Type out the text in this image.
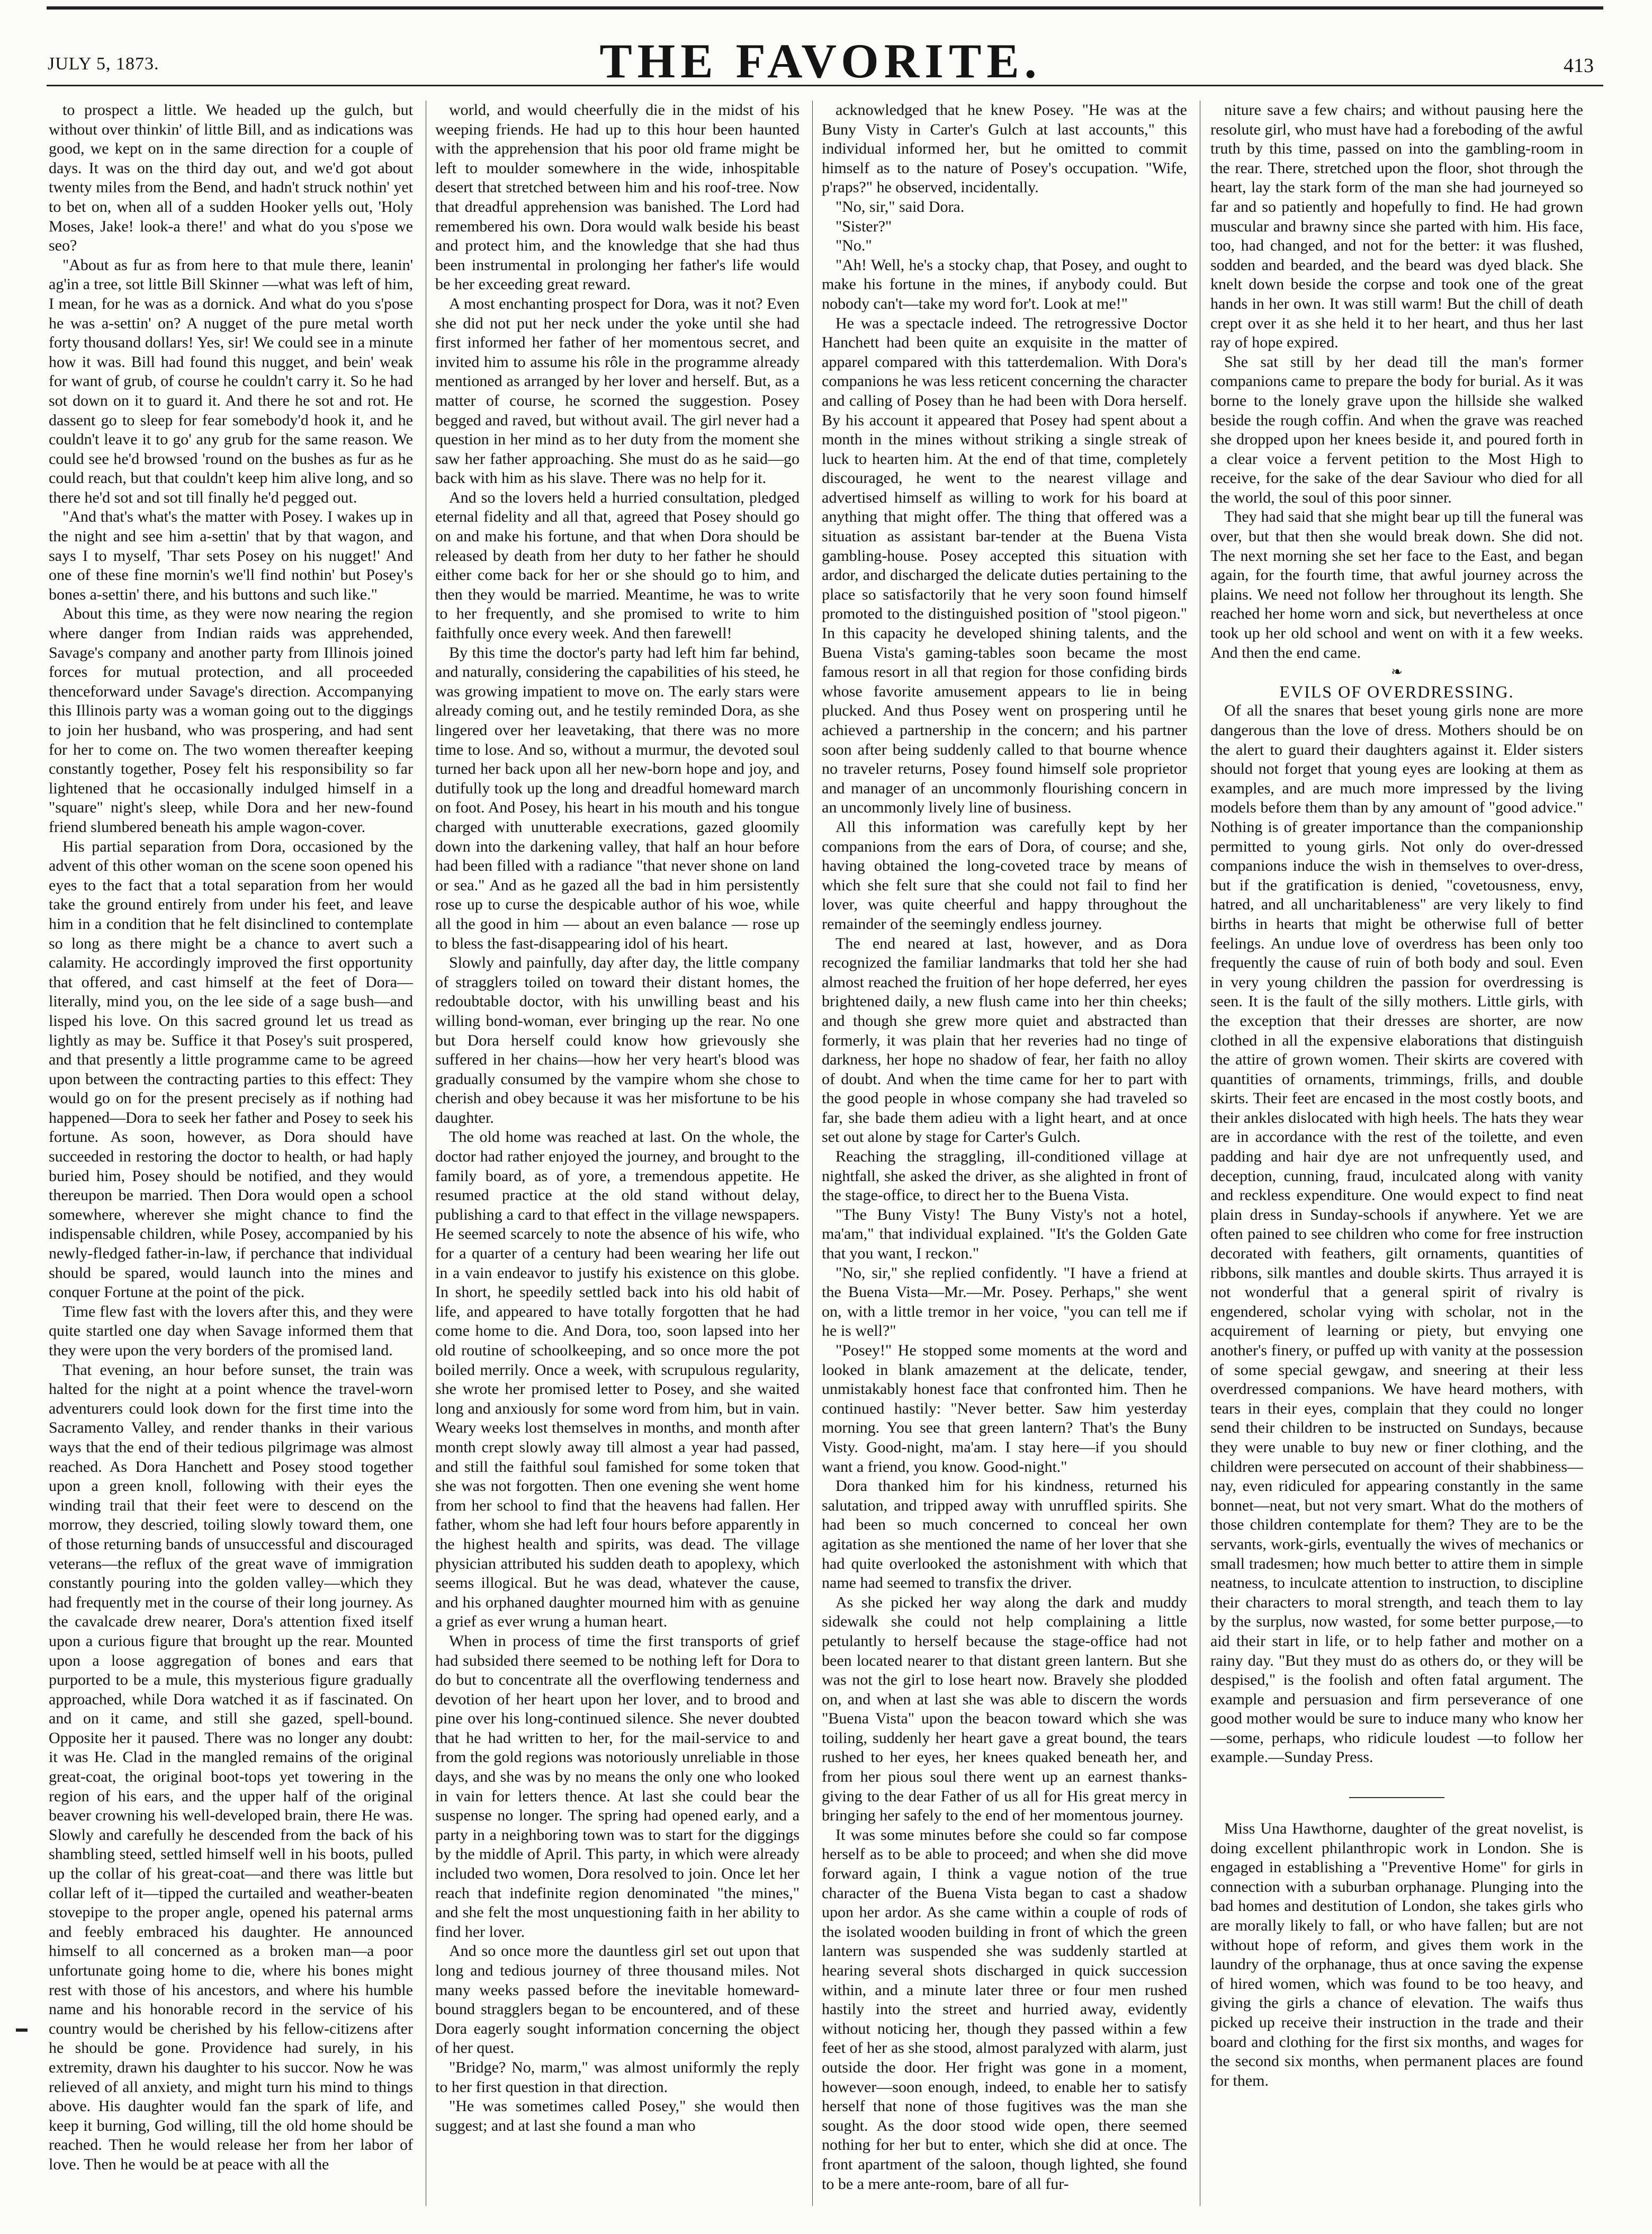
JULY 5, 1873.	THE FAVORITE.	413

to prospect a little. We headed up the gulch, but without over thinkin' of little Bill, and as indications was good, we kept on in the same direction for a couple of days. It was on the third day out, and we'd got about twenty miles from the Bend, and hadn't struck nothin' yet to bet on, when all of a sudden Hooker yells out, 'Holy Moses, Jake! look-a there!' and what do you s'pose we seo?

"About as fur as from here to that mule there, leanin' ag'in a tree, sot little Bill Skinner —what was left of him, I mean, for he was as a dornick. And what do you s'pose he was a-settin' on? A nugget of the pure metal worth forty thousand dollars! Yes, sir! We could see in a minute how it was. Bill had found this nugget, and bein' weak for want of grub, of course he couldn't carry it. So he had sot down on it to guard it. And there he sot and rot. He dassent go to sleep for fear somebody'd hook it, and he couldn't leave it to go' any grub for the same reason. We could see he'd browsed 'round on the bushes as fur as he could reach, but that couldn't keep him alive long, and so there he'd sot and sot till finally he'd pegged out.

"And that's what's the matter with Posey. I wakes up in the night and see him a-settin' that by that wagon, and says I to myself, 'Thar sets Posey on his nugget!' And one of these fine mornin's we'll find nothin' but Posey's bones a-settin' there, and his buttons and such like."

About this time, as they were now nearing the region where danger from Indian raids was apprehended, Savage's company and another party from Illinois joined forces for mutual protection, and all proceeded thenceforward under Savage's direction. Accompanying this Illinois party was a woman going out to the diggings to join her husband, who was prospering, and had sent for her to come on. The two women thereafter keeping constantly together, Posey felt his responsibility so far lightened that he occasionally indulged himself in a "square" night's sleep, while Dora and her new-found friend slumbered beneath his ample wagon-cover.

His partial separation from Dora, occasioned by the advent of this other woman on the scene soon opened his eyes to the fact that a total separation from her would take the ground entirely from under his feet, and leave him in a condition that he felt disinclined to contemplate so long as there might be a chance to avert such a calamity. He accordingly improved the first opportunity that offered, and cast himself at the feet of Dora—literally, mind you, on the lee side of a sage bush—and lisped his love. On this sacred ground let us tread as lightly as may be. Suffice it that Posey's suit prospered, and that presently a little programme came to be agreed upon between the contracting parties to this effect: They would go on for the present precisely as if nothing had happened—Dora to seek her father and Posey to seek his fortune. As soon, however, as Dora should have succeeded in restoring the doctor to health, or had haply buried him, Posey should be notified, and they would thereupon be married. Then Dora would open a school somewhere, wherever she might chance to find the indispensable children, while Posey, accompanied by his newly-fledged father-in-law, if perchance that individual should be spared, would launch into the mines and conquer Fortune at the point of the pick.

Time flew fast with the lovers after this, and they were quite startled one day when Savage informed them that they were upon the very borders of the promised land.

That evening, an hour before sunset, the train was halted for the night at a point whence the travel-worn adventurers could look down for the first time into the Sacramento Valley, and render thanks in their various ways that the end of their tedious pilgrimage was almost reached. As Dora Hanchett and Posey stood together upon a green knoll, following with their eyes the winding trail that their feet were to descend on the morrow, they descried, toiling slowly toward them, one of those returning bands of unsuccessful and discouraged veterans—the reflux of the great wave of immigration constantly pouring into the golden valley—which they had frequently met in the course of their long journey. As the cavalcade drew nearer, Dora's attention fixed itself upon a curious figure that brought up the rear. Mounted upon a loose aggregation of bones and ears that purported to be a mule, this mysterious figure gradually approached, while Dora watched it as if fascinated. On and on it came, and still she gazed, spell-bound. Opposite her it paused. There was no longer any doubt: it was He. Clad in the mangled remains of the original great-coat, the original boot-tops yet towering in the region of his ears, and the upper half of the original beaver crowning his well-developed brain, there He was. Slowly and carefully he descended from the back of his shambling steed, settled himself well in his boots, pulled up the collar of his great-coat—and there was little but collar left of it—tipped the curtailed and weather-beaten stovepipe to the proper angle, opened his paternal arms and feebly embraced his daughter. He announced himself to all concerned as a broken man—a poor unfortunate going home to die, where his bones might rest with those of his ancestors, and where his humble name and his honorable record in the service of his country would be cherished by his fellow-citizens after he should be gone. Providence had surely, in his extremity, drawn his daughter to his succor. Now he was relieved of all anxiety, and might turn his mind to things above. His daughter would fan the spark of life, and keep it burning, God willing, till the old home should be reached. Then he would release her from her labor of love. Then he would be at peace with all the

world, and would cheerfully die in the midst of his weeping friends. He had up to this hour been haunted with the apprehension that his poor old frame might be left to moulder somewhere in the wide, inhospitable desert that stretched between him and his roof-tree. Now that dreadful apprehension was banished. The Lord had remembered his own. Dora would walk beside his beast and protect him, and the knowledge that she had thus been instrumental in prolonging her father's life would be her exceeding great reward.

A most enchanting prospect for Dora, was it not? Even she did not put her neck under the yoke until she had first informed her father of her momentous secret, and invited him to assume his rôle in the programme already mentioned as arranged by her lover and herself. But, as a matter of course, he scorned the suggestion. Posey begged and raved, but without avail. The girl never had a question in her mind as to her duty from the moment she saw her father approaching. She must do as he said—go back with him as his slave. There was no help for it.

And so the lovers held a hurried consultation, pledged eternal fidelity and all that, agreed that Posey should go on and make his fortune, and that when Dora should be released by death from her duty to her father he should either come back for her or she should go to him, and then they would be married. Meantime, he was to write to her frequently, and she promised to write to him faithfully once every week. And then farewell!

By this time the doctor's party had left him far behind, and naturally, considering the capabilities of his steed, he was growing impatient to move on. The early stars were already coming out, and he testily reminded Dora, as she lingered over her leavetaking, that there was no more time to lose. And so, without a murmur, the devoted soul turned her back upon all her new-born hope and joy, and dutifully took up the long and dreadful homeward march on foot. And Posey, his heart in his mouth and his tongue charged with unutterable execrations, gazed gloomily down into the darkening valley, that half an hour before had been filled with a radiance "that never shone on land or sea." And as he gazed all the bad in him persistently rose up to curse the despicable author of his woe, while all the good in him — about an even balance — rose up to bless the fast-disappearing idol of his heart.

Slowly and painfully, day after day, the little company of stragglers toiled on toward their distant homes, the redoubtable doctor, with his unwilling beast and his willing bond-woman, ever bringing up the rear. No one but Dora herself could know how grievously she suffered in her chains—how her very heart's blood was gradually consumed by the vampire whom she chose to cherish and obey because it was her misfortune to be his daughter.

The old home was reached at last. On the whole, the doctor had rather enjoyed the journey, and brought to the family board, as of yore, a tremendous appetite. He resumed practice at the old stand without delay, publishing a card to that effect in the village newspapers. He seemed scarcely to note the absence of his wife, who for a quarter of a century had been wearing her life out in a vain endeavor to justify his existence on this globe. In short, he speedily settled back into his old habit of life, and appeared to have totally forgotten that he had come home to die. And Dora, too, soon lapsed into her old routine of schoolkeeping, and so once more the pot boiled merrily. Once a week, with scrupulous regularity, she wrote her promised letter to Posey, and she waited long and anxiously for some word from him, but in vain. Weary weeks lost themselves in months, and month after month crept slowly away till almost a year had passed, and still the faithful soul famished for some token that she was not forgotten. Then one evening she went home from her school to find that the heavens had fallen. Her father, whom she had left four hours before apparently in the highest health and spirits, was dead. The village physician attributed his sudden death to apoplexy, which seems illogical. But he was dead, whatever the cause, and his orphaned daughter mourned him with as genuine a grief as ever wrung a human heart.

When in process of time the first transports of grief had subsided there seemed to be nothing left for Dora to do but to concentrate all the overflowing tenderness and devotion of her heart upon her lover, and to brood and pine over his long-continued silence. She never doubted that he had written to her, for the mail-service to and from the gold regions was notoriously unreliable in those days, and she was by no means the only one who looked in vain for letters thence. At last she could bear the suspense no longer. The spring had opened early, and a party in a neighboring town was to start for the diggings by the middle of April. This party, in which were already included two women, Dora resolved to join. Once let her reach that indefinite region denominated "the mines," and she felt the most unquestioning faith in her ability to find her lover.

And so once more the dauntless girl set out upon that long and tedious journey of three thousand miles. Not many weeks passed before the inevitable homeward-bound stragglers began to be encountered, and of these Dora eagerly sought information concerning the object of her quest.

"Bridge? No, marm," was almost uniformly the reply to her first question in that direction.

"He was sometimes called Posey," she would then suggest; and at last she found a man who

acknowledged that he knew Posey. "He was at the Buny Visty in Carter's Gulch at last accounts," this individual informed her, but he omitted to commit himself as to the nature of Posey's occupation. "Wife, p'raps?" he observed, incidentally.

"No, sir," said Dora.

"Sister?"

"No."

"Ah! Well, he's a stocky chap, that Posey, and ought to make his fortune in the mines, if anybody could. But nobody can't—take my word for't. Look at me!"

He was a spectacle indeed. The retrogressive Doctor Hanchett had been quite an exquisite in the matter of apparel compared with this tatterdemalion. With Dora's companions he was less reticent concerning the character and calling of Posey than he had been with Dora herself. By his account it appeared that Posey had spent about a month in the mines without striking a single streak of luck to hearten him. At the end of that time, completely discouraged, he went to the nearest village and advertised himself as willing to work for his board at anything that might offer. The thing that offered was a situation as assistant bar-tender at the Buena Vista gambling-house. Posey accepted this situation with ardor, and discharged the delicate duties pertaining to the place so satisfactorily that he very soon found himself promoted to the distinguished position of "stool pigeon." In this capacity he developed shining talents, and the Buena Vista's gaming-tables soon became the most famous resort in all that region for those confiding birds whose favorite amusement appears to lie in being plucked. And thus Posey went on prospering until he achieved a partnership in the concern; and his partner soon after being suddenly called to that bourne whence no traveler returns, Posey found himself sole proprietor and manager of an uncommonly flourishing concern in an uncommonly lively line of business.

All this information was carefully kept by her companions from the ears of Dora, of course; and she, having obtained the long-coveted trace by means of which she felt sure that she could not fail to find her lover, was quite cheerful and happy throughout the remainder of the seemingly endless journey.

The end neared at last, however, and as Dora recognized the familiar landmarks that told her she had almost reached the fruition of her hope deferred, her eyes brightened daily, a new flush came into her thin cheeks; and though she grew more quiet and abstracted than formerly, it was plain that her reveries had no tinge of darkness, her hope no shadow of fear, her faith no alloy of doubt. And when the time came for her to part with the good people in whose company she had traveled so far, she bade them adieu with a light heart, and at once set out alone by stage for Carter's Gulch.

Reaching the straggling, ill-conditioned village at nightfall, she asked the driver, as she alighted in front of the stage-office, to direct her to the Buena Vista.

"The Buny Visty! The Buny Visty's not a hotel, ma'am," that individual explained. "It's the Golden Gate that you want, I reckon."

"No, sir," she replied confidently. "I have a friend at the Buena Vista—Mr.—Mr. Posey. Perhaps," she went on, with a little tremor in her voice, "you can tell me if he is well?"

"Posey!" He stopped some moments at the word and looked in blank amazement at the delicate, tender, unmistakably honest face that confronted him. Then he continued hastily: "Never better. Saw him yesterday morning. You see that green lantern? That's the Buny Visty. Good-night, ma'am. I stay here—if you should want a friend, you know. Good-night."

Dora thanked him for his kindness, returned his salutation, and tripped away with unruffled spirits. She had been so much concerned to conceal her own agitation as she mentioned the name of her lover that she had quite overlooked the astonishment with which that name had seemed to transfix the driver.

As she picked her way along the dark and muddy sidewalk she could not help complaining a little petulantly to herself because the stage-office had not been located nearer to that distant green lantern. But she was not the girl to lose heart now. Bravely she plodded on, and when at last she was able to discern the words "Buena Vista" upon the beacon toward which she was toiling, suddenly her heart gave a great bound, the tears rushed to her eyes, her knees quaked beneath her, and from her pious soul there went up an earnest thanks-giving to the dear Father of us all for His great mercy in bringing her safely to the end of her momentous journey.

It was some minutes before she could so far compose herself as to be able to proceed; and when she did move forward again, I think a vague notion of the true character of the Buena Vista began to cast a shadow upon her ardor. As she came within a couple of rods of the isolated wooden building in front of which the green lantern was suspended she was suddenly startled at hearing several shots discharged in quick succession within, and a minute later three or four men rushed hastily into the street and hurried away, evidently without noticing her, though they passed within a few feet of her as she stood, almost paralyzed with alarm, just outside the door. Her fright was gone in a moment, however—soon enough, indeed, to enable her to satisfy herself that none of those fugitives was the man she sought. As the door stood wide open, there seemed nothing for her but to enter, which she did at once. The front apartment of the saloon, though lighted, she found to be a mere ante-room, bare of all fur-

niture save a few chairs; and without pausing here the resolute girl, who must have had a foreboding of the awful truth by this time, passed on into the gambling-room in the rear. There, stretched upon the floor, shot through the heart, lay the stark form of the man she had journeyed so far and so patiently and hopefully to find. He had grown muscular and brawny since she parted with him. His face, too, had changed, and not for the better: it was flushed, sodden and bearded, and the beard was dyed black. She knelt down beside the corpse and took one of the great hands in her own. It was still warm! But the chill of death crept over it as she held it to her heart, and thus her last ray of hope expired.

She sat still by her dead till the man's former companions came to prepare the body for burial. As it was borne to the lonely grave upon the hillside she walked beside the rough coffin. And when the grave was reached she dropped upon her knees beside it, and poured forth in a clear voice a fervent petition to the Most High to receive, for the sake of the dear Saviour who died for all the world, the soul of this poor sinner.

They had said that she might bear up till the funeral was over, but that then she would break down. She did not. The next morning she set her face to the East, and began again, for the fourth time, that awful journey across the plains. We need not follow her throughout its length. She reached her home worn and sick, but nevertheless at once took up her old school and went on with it a few weeks. And then the end came.

❧

EVILS OF OVERDRESSING.

Of all the snares that beset young girls none are more dangerous than the love of dress. Mothers should be on the alert to guard their daughters against it. Elder sisters should not forget that young eyes are looking at them as examples, and are much more impressed by the living models before them than by any amount of "good advice." Nothing is of greater importance than the companionship permitted to young girls. Not only do over-dressed companions induce the wish in themselves to over-dress, but if the gratification is denied, "covetousness, envy, hatred, and all uncharitableness" are very likely to find births in hearts that might be otherwise full of better feelings. An undue love of overdress has been only too frequently the cause of ruin of both body and soul. Even in very young children the passion for overdressing is seen. It is the fault of the silly mothers. Little girls, with the exception that their dresses are shorter, are now clothed in all the expensive elaborations that distinguish the attire of grown women. Their skirts are covered with quantities of ornaments, trimmings, frills, and double skirts. Their feet are encased in the most costly boots, and their ankles dislocated with high heels. The hats they wear are in accordance with the rest of the toilette, and even padding and hair dye are not unfrequently used, and deception, cunning, fraud, inculcated along with vanity and reckless expenditure. One would expect to find neat plain dress in Sunday-schools if anywhere. Yet we are often pained to see children who come for free instruction decorated with feathers, gilt ornaments, quantities of ribbons, silk mantles and double skirts. Thus arrayed it is not wonderful that a general spirit of rivalry is engendered, scholar vying with scholar, not in the acquirement of learning or piety, but envying one another's finery, or puffed up with vanity at the possession of some special gewgaw, and sneering at their less overdressed companions. We have heard mothers, with tears in their eyes, complain that they could no longer send their children to be instructed on Sundays, because they were unable to buy new or finer clothing, and the children were persecuted on account of their shabbiness—nay, even ridiculed for appearing constantly in the same bonnet—neat, but not very smart. What do the mothers of those children contemplate for them? They are to be the servants, work-girls, eventually the wives of mechanics or small tradesmen; how much better to attire them in simple neatness, to inculcate attention to instruction, to discipline their characters to moral strength, and teach them to lay by the surplus, now wasted, for some better purpose,—to aid their start in life, or to help father and mother on a rainy day. "But they must do as others do, or they will be despised," is the foolish and often fatal argument. The example and persuasion and firm perseverance of one good mother would be sure to induce many who know her—some, perhaps, who ridicule loudest —to follow her example.—Sunday Press.

Miss Una Hawthorne, daughter of the great novelist, is doing excellent philanthropic work in London. She is engaged in establishing a "Preventive Home" for girls in connection with a suburban orphanage. Plunging into the bad homes and destitution of London, she takes girls who are morally likely to fall, or who have fallen; but are not without hope of reform, and gives them work in the laundry of the orphanage, thus at once saving the expense of hired women, which was found to be too heavy, and giving the girls a chance of elevation. The waifs thus picked up receive their instruction in the trade and their board and clothing for the first six months, and wages for the second six months, when permanent places are found for them.
